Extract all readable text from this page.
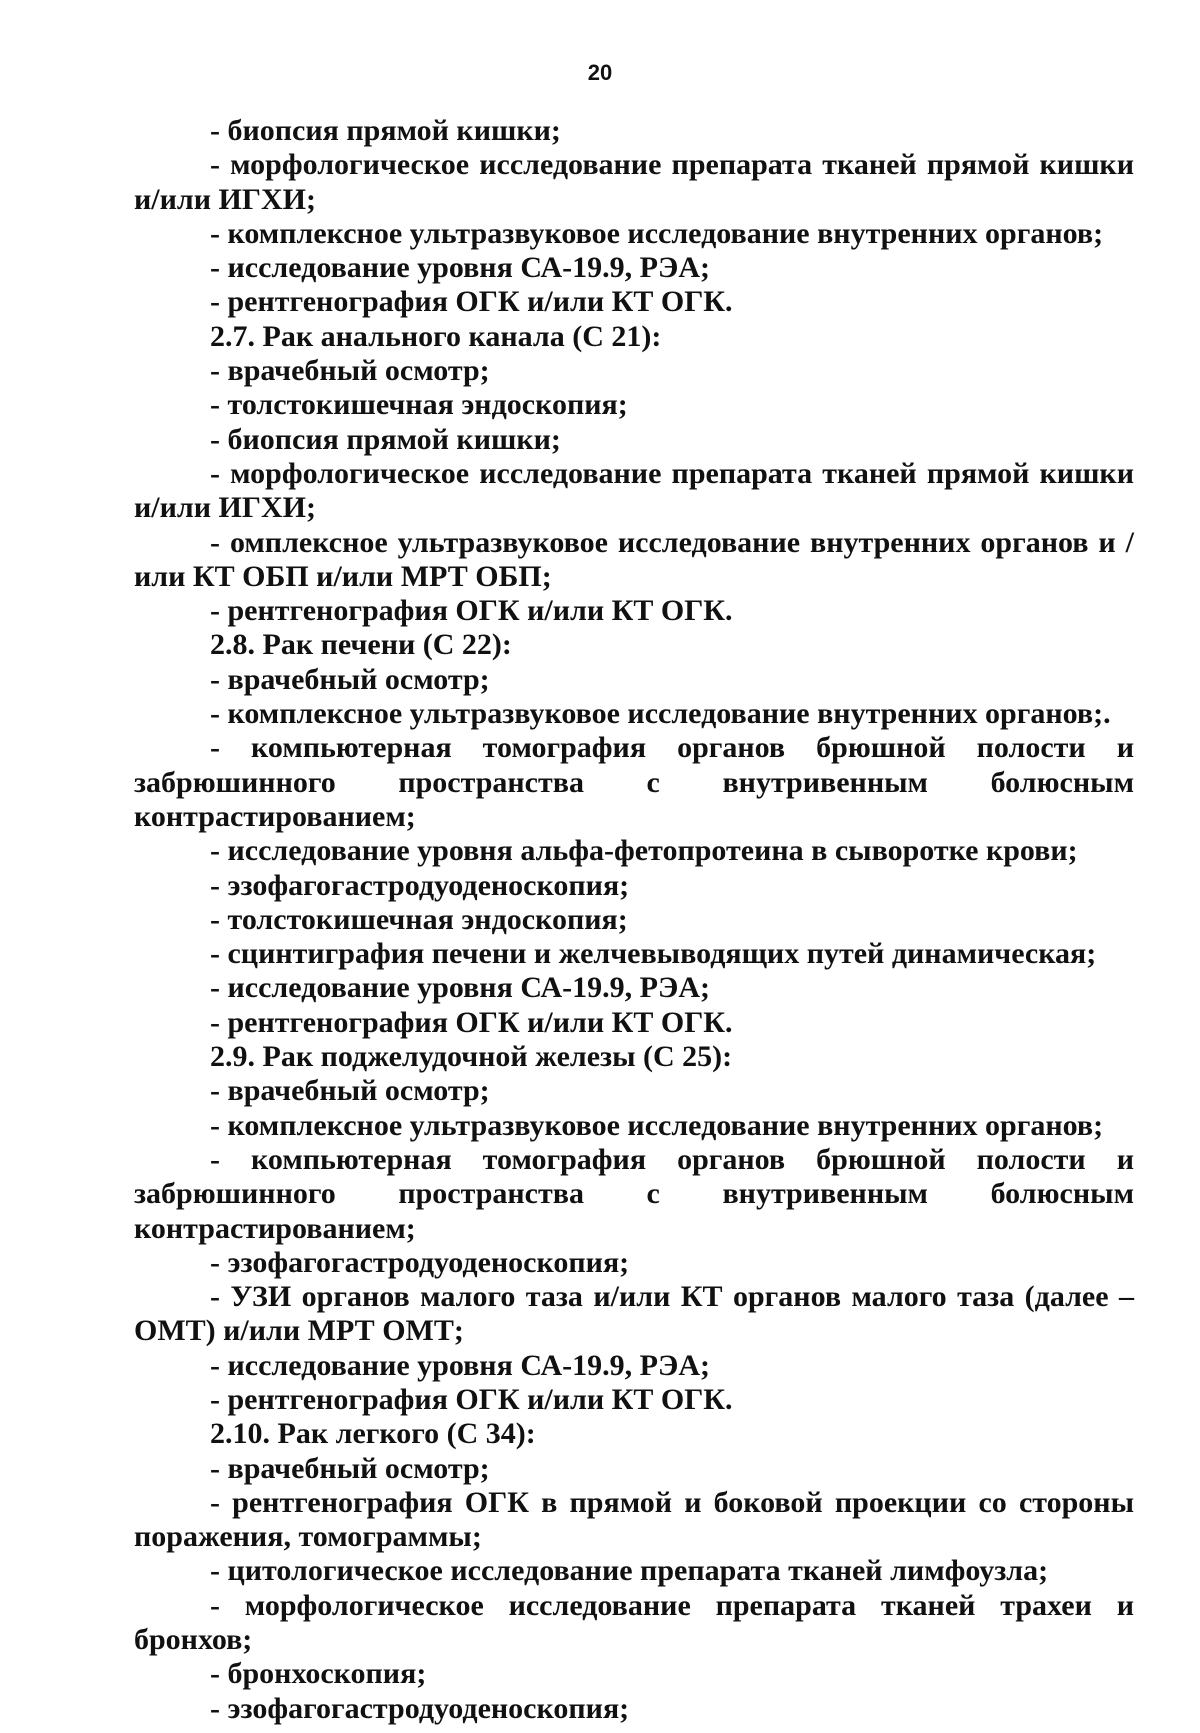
20

- биопсия прямой кишки;

- морфологическое исследование препарата тканей прямой кишки и/или ИГХИ;

- комплексное ультразвуковое исследование внутренних органов;

- исследование уровня СА-19.9, РЭА;

- рентгенография ОГК и/или КТ ОГК.

2.7. Рак анального канала (С 21):

- врачебный осмотр;

- толстокишечная эндоскопия;

- биопсия прямой кишки;

- морфологическое исследование препарата тканей прямой кишки и/или ИГХИ;

- омплексное ультразвуковое исследование внутренних органов и /или КТ ОБП и/или МРТ ОБП;

- рентгенография ОГК и/или КТ ОГК.

2.8. Рак печени (С 22):

- врачебный осмотр;

- комплексное ультразвуковое исследование внутренних органов;.

- компьютерная томография органов брюшной полости и забрюшинного пространства с внутривенным болюсным контрастированием;

- исследование уровня альфа-фетопротеина в сыворотке крови;

- эзофагогастродуоденоскопия;

- толстокишечная эндоскопия;

- сцинтиграфия печени и желчевыводящих путей динамическая;

- исследование уровня СА-19.9, РЭА;

- рентгенография ОГК и/или КТ ОГК.

2.9. Рак поджелудочной железы (С 25):

- врачебный осмотр;

- комплексное ультразвуковое исследование внутренних органов;

- компьютерная томография органов брюшной полости и забрюшинного пространства с внутривенным болюсным контрастированием;

- эзофагогастродуоденоскопия;

- УЗИ органов малого таза и/или КТ органов малого таза (далее – ОМТ) и/или МРТ ОМТ;

- исследование уровня СА-19.9, РЭА;

- рентгенография ОГК и/или КТ ОГК.

2.10. Рак легкого (С 34):

- врачебный осмотр;

- рентгенография ОГК в прямой и боковой проекции со стороны поражения, томограммы;

- цитологическое исследование препарата тканей лимфоузла;

- морфологическое исследование препарата тканей трахеи и бронхов;

- бронхоскопия;

- эзофагогастродуоденоскопия;
